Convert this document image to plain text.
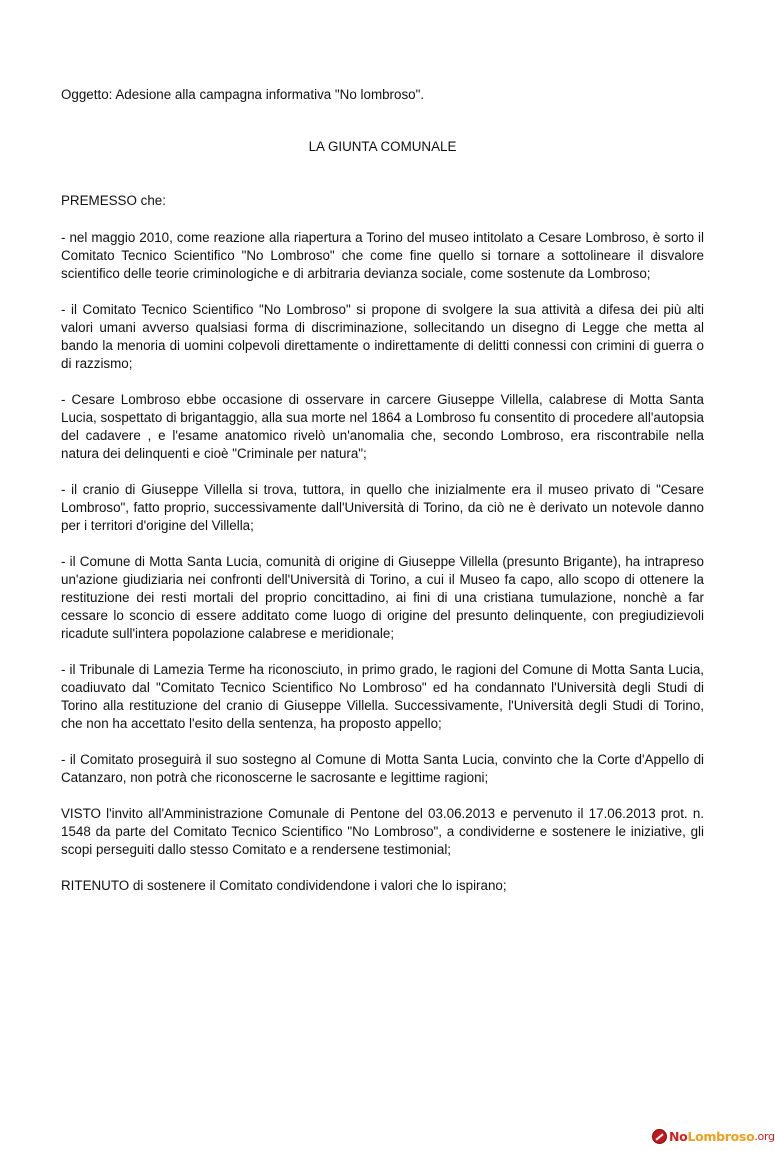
Oggetto: Adesione alla campagna informativa "No lombroso".

LA GIUNTA COMUNALE

PREMESSO che:

- nel maggio 2010, come reazione alla riapertura a Torino del museo intitolato a Cesare Lombroso, è sorto il Comitato Tecnico Scientifico "No Lombroso" che come fine quello si tornare a sottolineare il disvalore scientifico delle teorie criminologiche e di arbitraria devianza sociale, come sostenute da Lombroso;

- il Comitato Tecnico Scientifico "No Lombroso" si propone di svolgere la sua attività a difesa dei più alti valori umani avverso qualsiasi forma di discriminazione, sollecitando un disegno di Legge che metta al bando la menoria di uomini colpevoli direttamente o indirettamente di delitti connessi con crimini di guerra o di razzismo;

- Cesare Lombroso ebbe occasione di osservare in carcere Giuseppe Villella, calabrese di Motta Santa Lucia, sospettato di brigantaggio, alla sua morte nel 1864 a Lombroso fu consentito di procedere all'autopsia del cadavere , e l'esame anatomico rivelò un'anomalia che, secondo Lombroso, era riscontrabile nella natura dei delinquenti e cioè "Criminale per natura";

- il cranio di Giuseppe Villella si trova, tuttora, in quello che inizialmente era il museo privato di "Cesare Lombroso", fatto proprio, successivamente dall'Università di Torino, da ciò ne è derivato un notevole danno per i territori d'origine del Villella;

- il Comune di Motta Santa Lucia, comunità di origine di Giuseppe Villella (presunto Brigante), ha intrapreso un'azione giudiziaria nei confronti dell'Università di Torino, a cui il Museo fa capo, allo scopo di ottenere la restituzione dei resti mortali del proprio concittadino, ai fini di una cristiana tumulazione, nonchè a far cessare lo sconcio di essere additato come luogo di origine del presunto delinquente, con pregiudizievoli ricadute sull'intera popolazione calabrese e meridionale;

- il Tribunale di Lamezia Terme ha riconosciuto, in primo grado, le ragioni del Comune di Motta Santa Lucia, coadiuvato dal "Comitato Tecnico Scientifico No Lombroso" ed ha condannato l'Università degli Studi di Torino alla restituzione del cranio di Giuseppe Villella. Successivamente, l'Università degli Studi di Torino, che non ha accettato l'esito della sentenza, ha proposto appello;

- il Comitato proseguirà il suo sostegno al Comune di Motta Santa Lucia, convinto che la Corte d'Appello di Catanzaro, non potrà che riconoscerne le sacrosante e legittime ragioni;

VISTO l'invito all'Amministrazione Comunale di Pentone del 03.06.2013 e pervenuto il 17.06.2013 prot. n. 1548 da parte del Comitato Tecnico Scientifico "No Lombroso", a condividerne e sostenere le iniziative, gli scopi perseguiti dallo stesso Comitato e a rendersene testimonial;

RITENUTO di sostenere il Comitato condividendone i valori che lo ispirano;

No Lombroso .org
